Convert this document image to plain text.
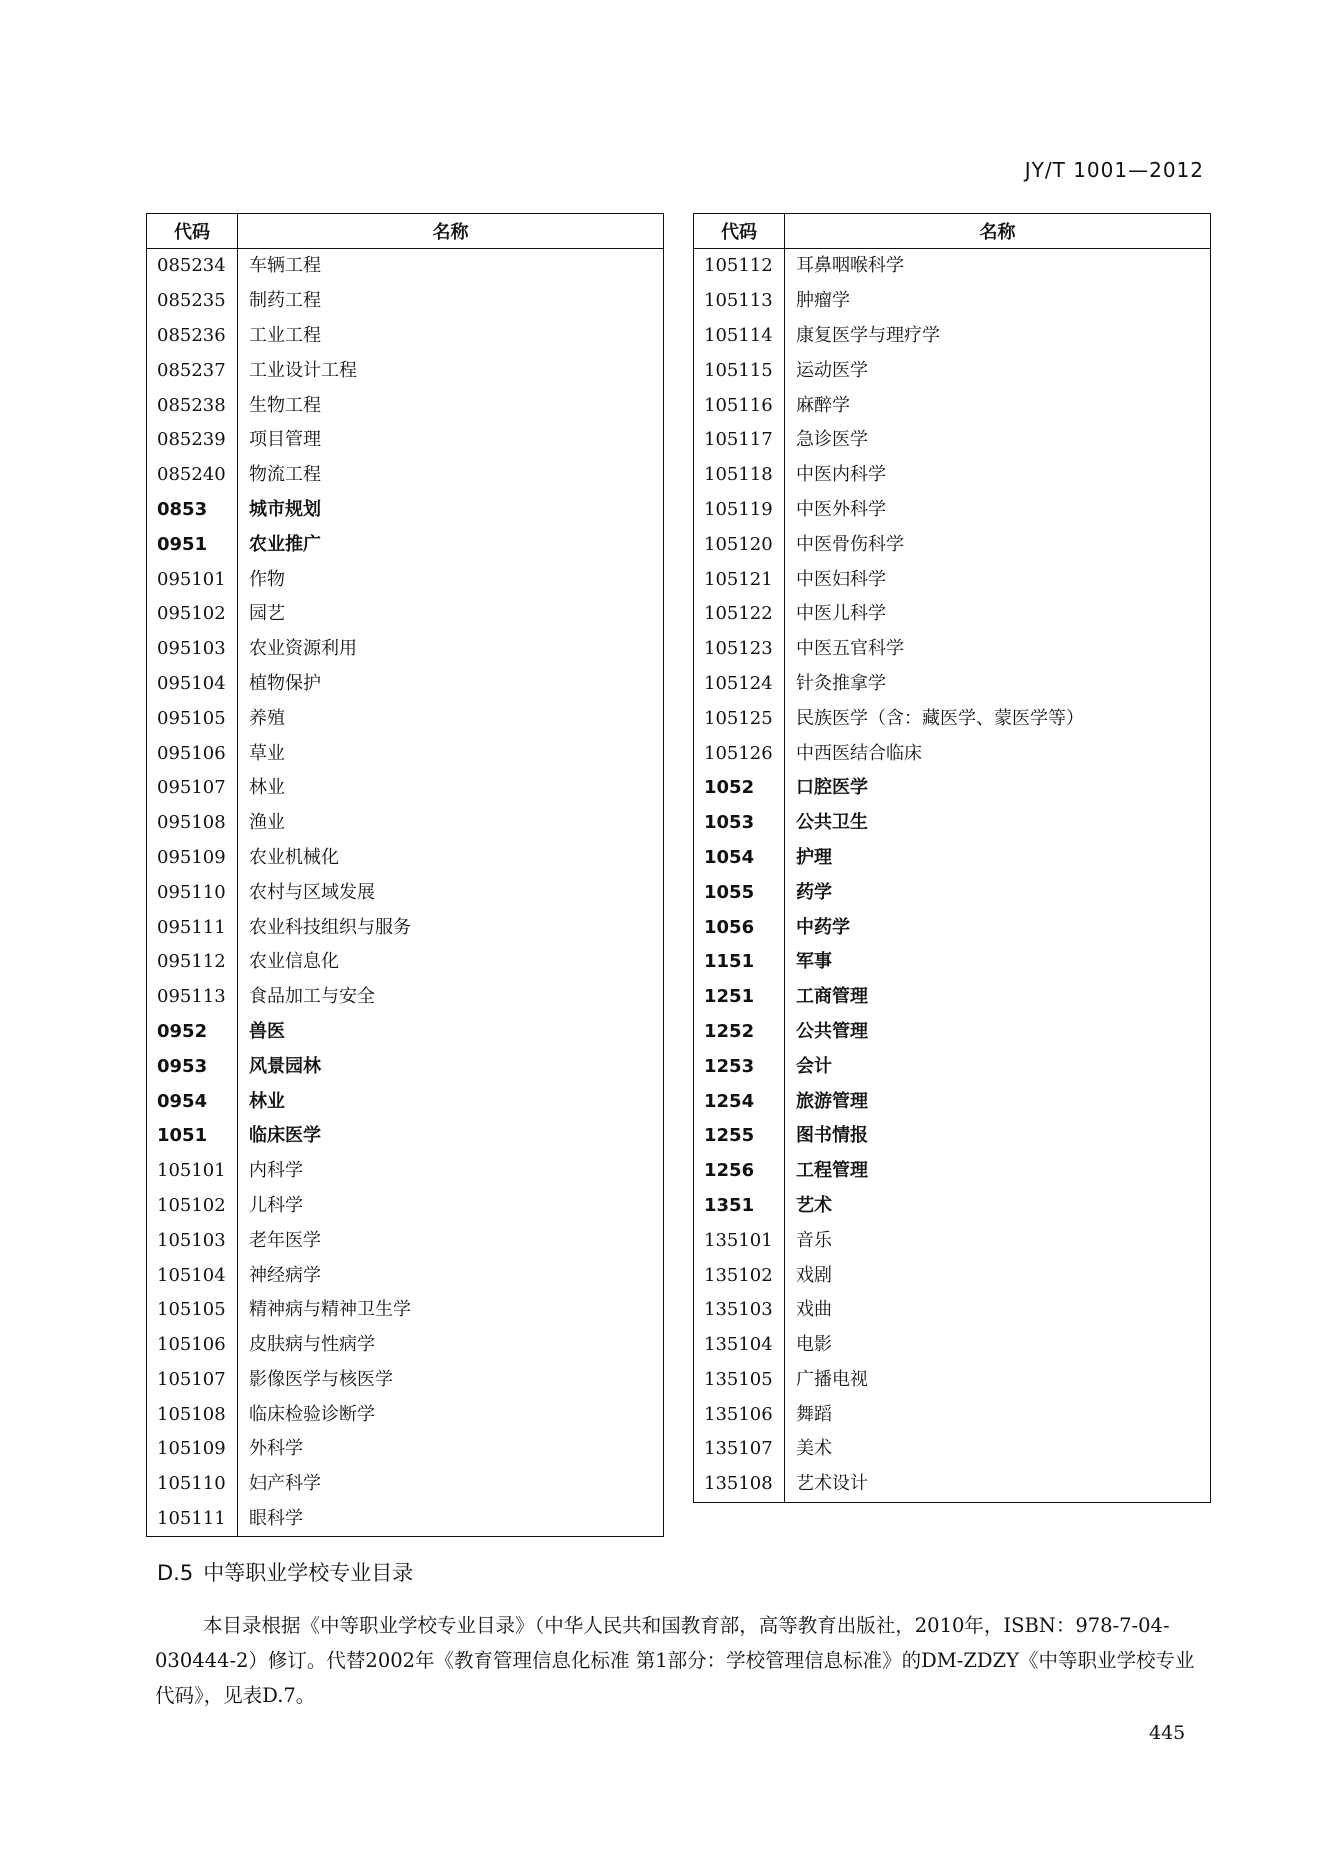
JY/T 1001—2012
代码	名称
085234	车辆工程
085235	制药工程
085236	工业工程
085237	工业设计工程
085238	生物工程
085239	项目管理
085240	物流工程
0853	城市规划
0951	农业推广
095101	作物
095102	园艺
095103	农业资源利用
095104	植物保护
095105	养殖
095106	草业
095107	林业
095108	渔业
095109	农业机械化
095110	农村与区域发展
095111	农业科技组织与服务
095112	农业信息化
095113	食品加工与安全
0952	兽医
0953	风景园林
0954	林业
1051	临床医学
105101	内科学
105102	儿科学
105103	老年医学
105104	神经病学
105105	精神病与精神卫生学
105106	皮肤病与性病学
105107	影像医学与核医学
105108	临床检验诊断学
105109	外科学
105110	妇产科学
105111	眼科学
代码	名称
105112	耳鼻咽喉科学
105113	肿瘤学
105114	康复医学与理疗学
105115	运动医学
105116	麻醉学
105117	急诊医学
105118	中医内科学
105119	中医外科学
105120	中医骨伤科学
105121	中医妇科学
105122	中医儿科学
105123	中医五官科学
105124	针灸推拿学
105125	民族医学（含：藏医学、蒙医学等）
105126	中西医结合临床
1052	口腔医学
1053	公共卫生
1054	护理
1055	药学
1056	中药学
1151	军事
1251	工商管理
1252	公共管理
1253	会计
1254	旅游管理
1255	图书情报
1256	工程管理
1351	艺术
135101	音乐
135102	戏剧
135103	戏曲
135104	电影
135105	广播电视
135106	舞蹈
135107	美术
135108	艺术设计
D.5 中等职业学校专业目录

本目录根据《中等职业学校专业目录》（中华人民共和国教育部，高等教育出版社，2010年，ISBN：978-7-04-030444-2）修订。代替2002年《教育管理信息化标准 第1部分：学校管理信息标准》的DM-ZDZY《中等职业学校专业代码》，见表D.7。

445
